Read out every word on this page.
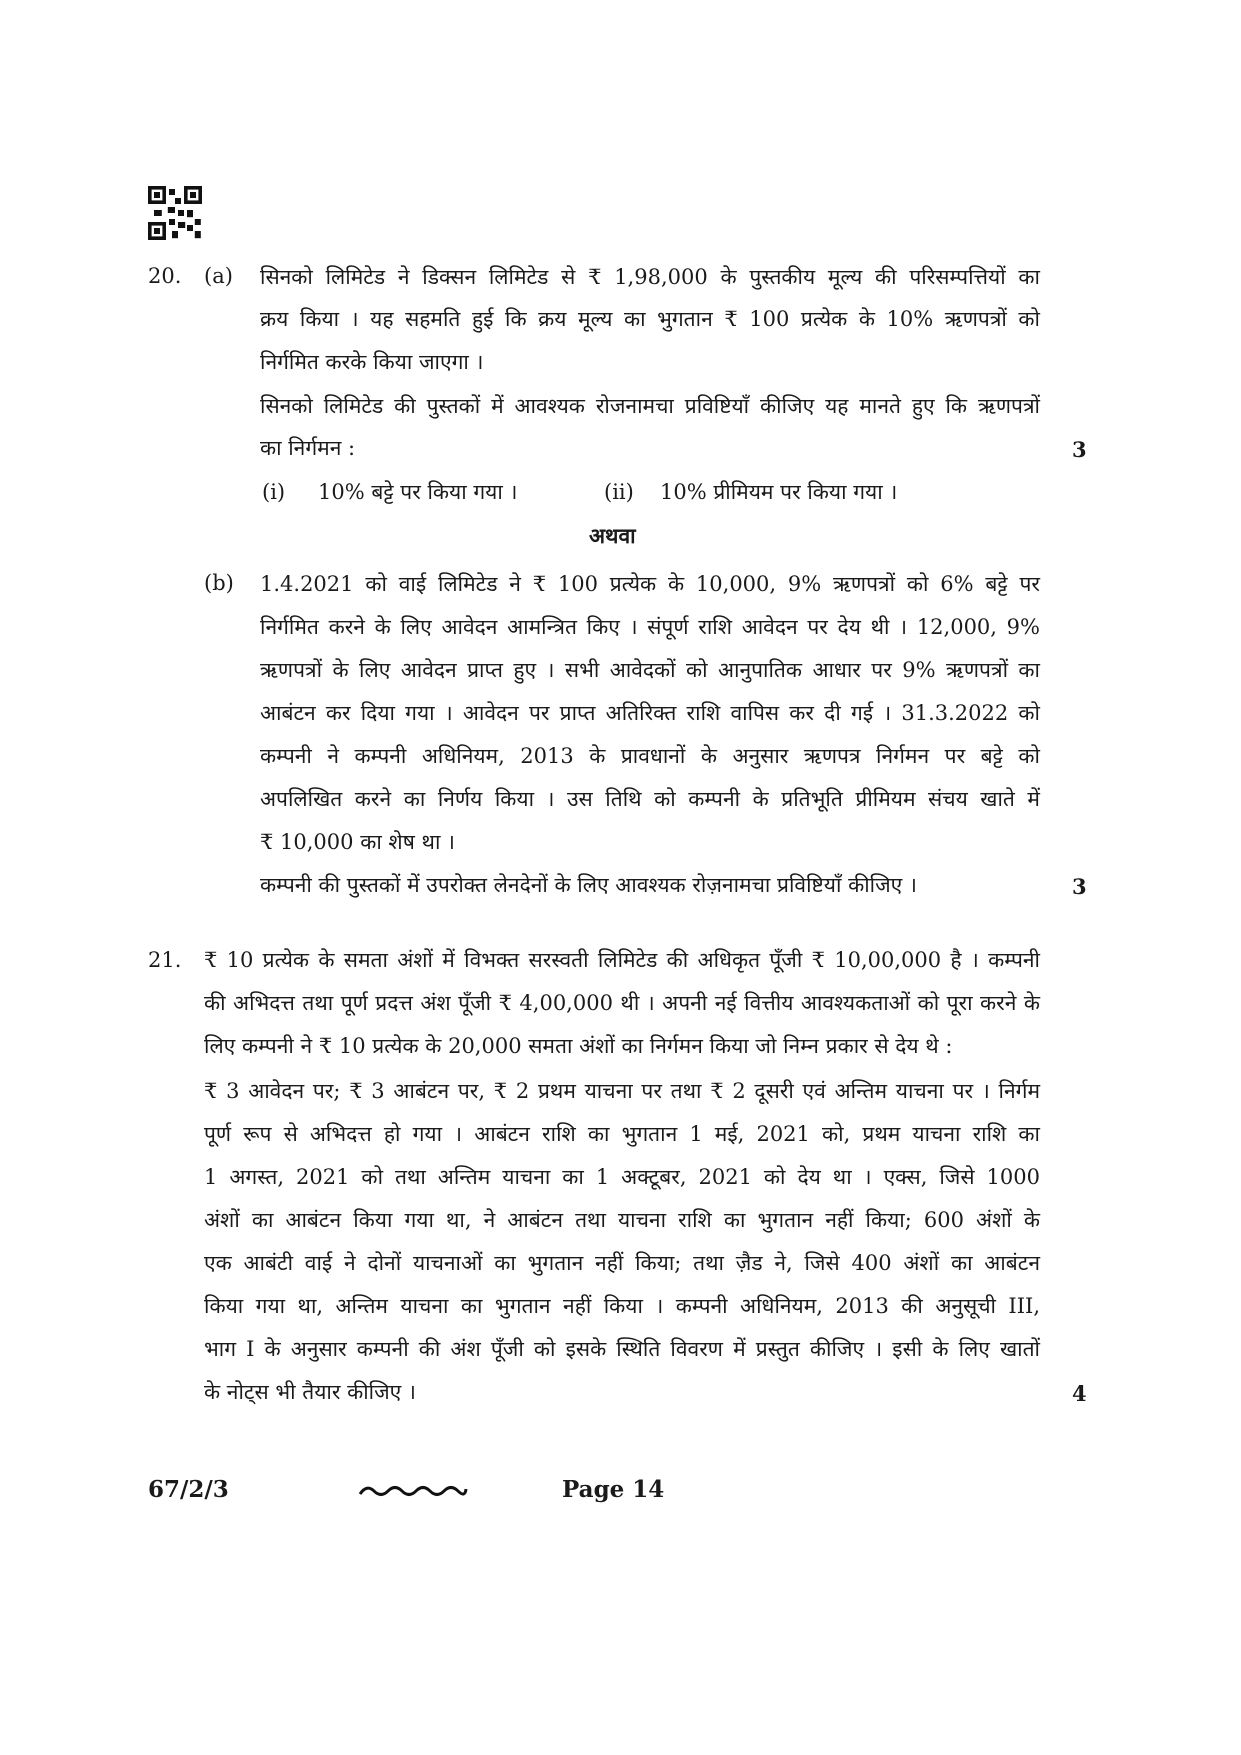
20. (a) सिनको लिमिटेड ने डिक्सन लिमिटेड से ₹ 1,98,000 के पुस्तकीय मूल्य की परिसम्पत्तियों का
क्रय किया । यह सहमति हुई कि क्रय मूल्य का भुगतान ₹ 100 प्रत्येक के 10% ऋणपत्रों को
निर्गमित करके किया जाएगा ।
सिनको लिमिटेड की पुस्तकों में आवश्यक रोजनामचा प्रविष्टियाँ कीजिए यह मानते हुए कि ऋणपत्रों
का निर्गमन :	3
(i) 10% बट्टे पर किया गया ।	(ii) 10% प्रीमियम पर किया गया ।
अथवा
(b) 1.4.2021 को वाई लिमिटेड ने ₹ 100 प्रत्येक के 10,000, 9% ऋणपत्रों को 6% बट्टे पर
निर्गमित करने के लिए आवेदन आमन्त्रित किए । संपूर्ण राशि आवेदन पर देय थी । 12,000, 9%
ऋणपत्रों के लिए आवेदन प्राप्त हुए । सभी आवेदकों को आनुपातिक आधार पर 9% ऋणपत्रों का
आबंटन कर दिया गया । आवेदन पर प्राप्त अतिरिक्त राशि वापिस कर दी गई । 31.3.2022 को
कम्पनी ने कम्पनी अधिनियम, 2013 के प्रावधानों के अनुसार ऋणपत्र निर्गमन पर बट्टे को
अपलिखित करने का निर्णय किया । उस तिथि को कम्पनी के प्रतिभूति प्रीमियम संचय खाते में
₹ 10,000 का शेष था ।
कम्पनी की पुस्तकों में उपरोक्त लेनदेनों के लिए आवश्यक रोज़नामचा प्रविष्टियाँ कीजिए ।	3
21. ₹ 10 प्रत्येक के समता अंशों में विभक्त सरस्वती लिमिटेड की अधिकृत पूँजी ₹ 10,00,000 है । कम्पनी
की अभिदत्त तथा पूर्ण प्रदत्त अंश पूँजी ₹ 4,00,000 थी । अपनी नई वित्तीय आवश्यकताओं को पूरा करने के
लिए कम्पनी ने ₹ 10 प्रत्येक के 20,000 समता अंशों का निर्गमन किया जो निम्न प्रकार से देय थे :
₹ 3 आवेदन पर; ₹ 3 आबंटन पर, ₹ 2 प्रथम याचना पर तथा ₹ 2 दूसरी एवं अन्तिम याचना पर । निर्गम
पूर्ण रूप से अभिदत्त हो गया । आबंटन राशि का भुगतान 1 मई, 2021 को, प्रथम याचना राशि का
1 अगस्त, 2021 को तथा अन्तिम याचना का 1 अक्टूबर, 2021 को देय था । एक्स, जिसे 1000
अंशों का आबंटन किया गया था, ने आबंटन तथा याचना राशि का भुगतान नहीं किया; 600 अंशों के
एक आबंटी वाई ने दोनों याचनाओं का भुगतान नहीं किया; तथा ज़ैड ने, जिसे 400 अंशों का आबंटन
किया गया था, अन्तिम याचना का भुगतान नहीं किया । कम्पनी अधिनियम, 2013 की अनुसूची III,
भाग I के अनुसार कम्पनी की अंश पूँजी को इसके स्थिति विवरण में प्रस्तुत कीजिए । इसी के लिए खातों
के नोट्स भी तैयार कीजिए ।	4
67/2/3	Page 14
